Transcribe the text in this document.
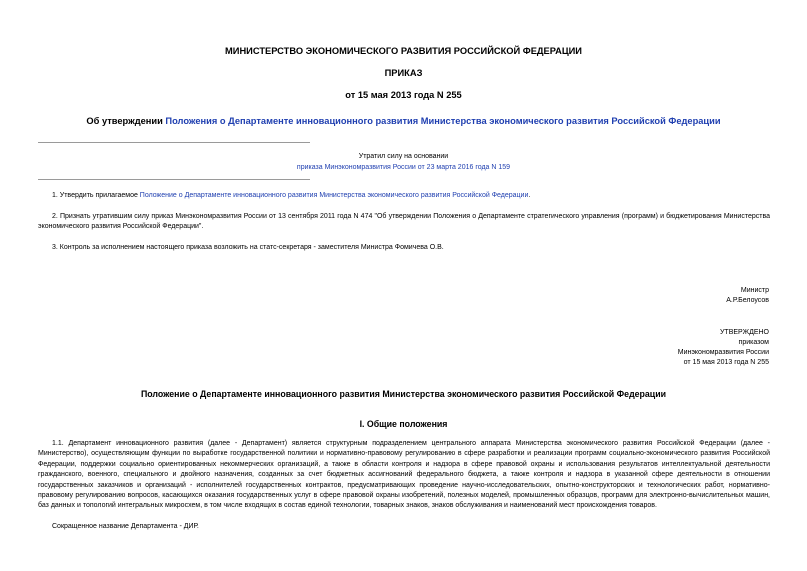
МИНИСТЕРСТВО ЭКОНОМИЧЕСКОГО РАЗВИТИЯ РОССИЙСКОЙ ФЕДЕРАЦИИ
ПРИКАЗ
от 15 мая 2013 года N 255
Об утверждении Положения о Департаменте инновационного развития Министерства экономического развития Российской Федерации
Утратил силу на основании
приказа Минэкономразвития России от 23 марта 2016 года N 159
1. Утвердить прилагаемое Положение о Департаменте инновационного развития Министерства экономического развития Российской Федерации.
2. Признать утратившим силу приказ Минэкономразвития России от 13 сентября 2011 года N 474 "Об утверждении Положения о Департаменте стратегического управления (программ) и бюджетирования Министерства экономического развития Российской Федерации".
3. Контроль за исполнением настоящего приказа возложить на статс-секретаря - заместителя Министра Фомичева О.В.
Министр
А.Р.Белоусов
УТВЕРЖДЕНО
приказом
Минэкономразвития России
от 15 мая 2013 года N 255
Положение о Департаменте инновационного развития Министерства экономического развития Российской Федерации
I. Общие положения
1.1. Департамент инновационного развития (далее - Департамент) является структурным подразделением центрального аппарата Министерства экономического развития Российской Федерации (далее - Министерство), осуществляющим функции по выработке государственной политики и нормативно-правовому регулированию в сфере разработки и реализации программ социально-экономического развития Российской Федерации, поддержки социально ориентированных некоммерческих организаций, а также в области контроля и надзора в сфере правовой охраны и использования результатов интеллектуальной деятельности гражданского, военного, специального и двойного назначения, созданных за счет бюджетных ассигнований федерального бюджета, а также контроля и надзора в указанной сфере деятельности в отношении государственных заказчиков и организаций - исполнителей государственных контрактов, предусматривающих проведение научно-исследовательских, опытно-конструкторских и технологических работ, нормативно-правовому регулированию вопросов, касающихся оказания государственных услуг в сфере правовой охраны изобретений, полезных моделей, промышленных образцов, программ для электронно-вычислительных машин, баз данных и топологий интегральных микросхем, в том числе входящих в состав единой технологии, товарных знаков, знаков обслуживания и наименований мест происхождения товаров.
Сокращенное название Департамента - ДИР.
